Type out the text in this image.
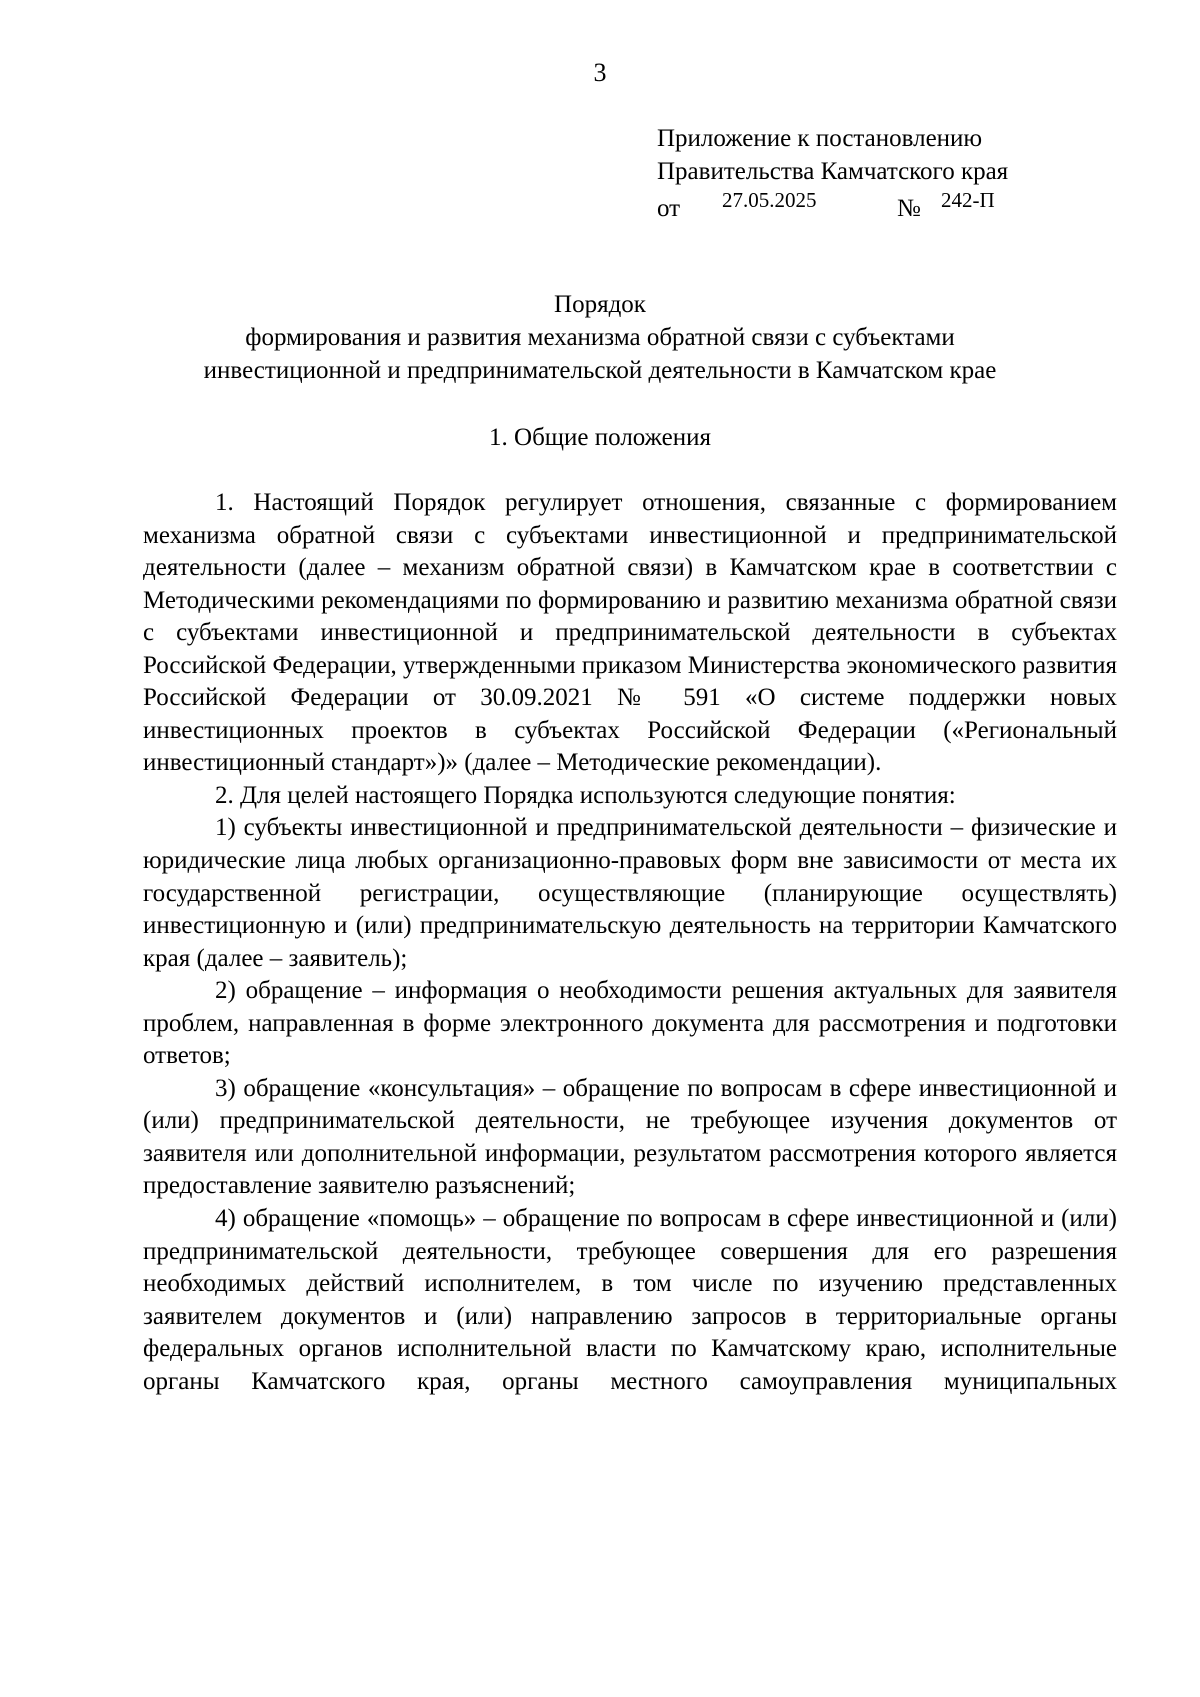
3
Приложение к постановлению
Правительства Камчатского края
от 27.05.2025	№ 242-П
Порядок
формирования и развития механизма обратной связи с субъектами
инвестиционной и предпринимательской деятельности в Камчатском крае
1. Общие положения

1. Настоящий Порядок регулирует отношения, связанные с формированием механизма обратной связи с субъектами инвестиционной и предпринимательской деятельности (далее – механизм обратной связи) в Камчатском крае в соответствии с Методическими рекомендациями по формированию и развитию механизма обратной связи с субъектами инвестиционной и предпринимательской деятельности в субъектах Российской Федерации, утвержденными приказом Министерства экономического развития Российской Федерации от 30.09.2021 № 591 «О системе поддержки новых инвестиционных проектов в субъектах Российской Федерации («Региональный инвестиционный стандарт»)» (далее – Методические рекомендации).

2. Для целей настоящего Порядка используются следующие понятия:

1) субъекты инвестиционной и предпринимательской деятельности – физические и юридические лица любых организационно-правовых форм вне зависимости от места их государственной регистрации, осуществляющие (планирующие осуществлять) инвестиционную и (или) предпринимательскую деятельность на территории Камчатского края (далее – заявитель);

2) обращение – информация о необходимости решения актуальных для заявителя проблем, направленная в форме электронного документа для рассмотрения и подготовки ответов;

3) обращение «консультация» – обращение по вопросам в сфере инвестиционной и (или) предпринимательской деятельности, не требующее изучения документов от заявителя или дополнительной информации, результатом рассмотрения которого является предоставление заявителю разъяснений;

4) обращение «помощь» – обращение по вопросам в сфере инвестиционной и (или) предпринимательской деятельности, требующее совершения для его разрешения необходимых действий исполнителем, в том числе по изучению представленных заявителем документов и (или) направлению запросов в территориальные органы федеральных органов исполнительной власти по Камчатскому краю, исполнительные органы Камчатского края, органы местного самоуправления муниципальных
